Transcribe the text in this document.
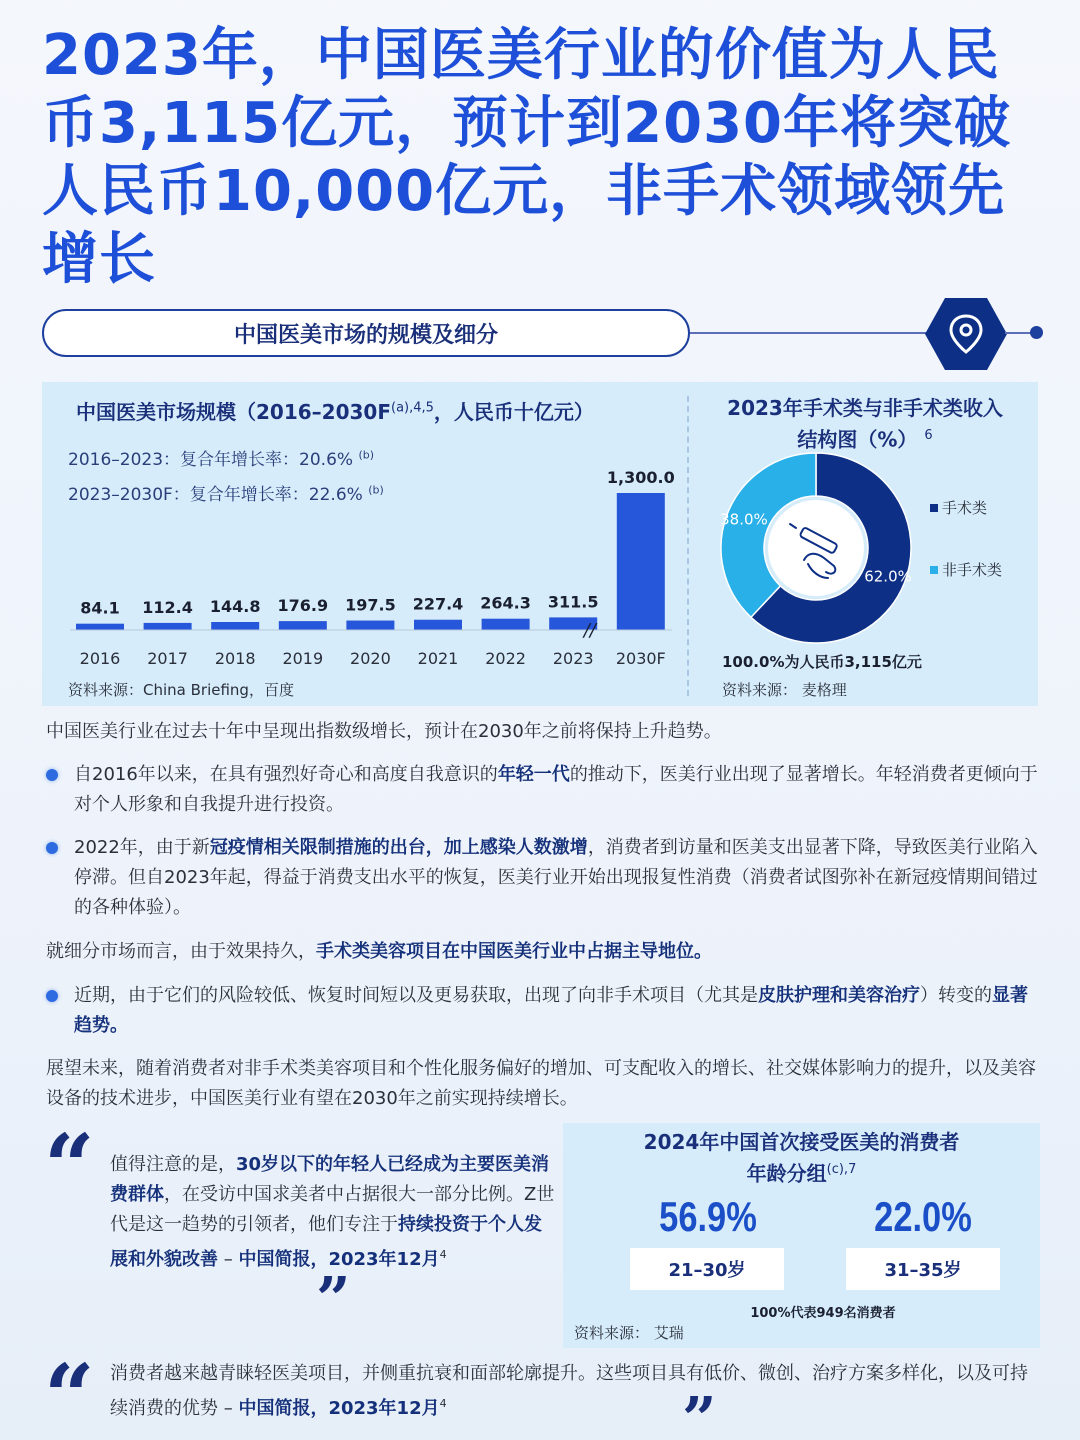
2023年，中国医美行业的价值为人民币3,115亿元，预计到2030年将突破人民币10,000亿元，非手术领域领先增长
中国医美市场的规模及细分
中国医美市场规模（$2016-2030F^{(a),4,5}$，人民币十亿元）
2016–2023：复合年增长率：20.6% $^{(b)}$
2023–2030F：复合年增长率：22.6% $^{(b)}$
84.1
2016
112.4
2017
144.8
2018
176.9
2019
197.5
2020
227.4
2021
264.3
2022
311.5
2023
1,300.0
2030F
//
资料来源：China Briefing，百度
2023年手术类与非手术类收入
结构图（%） $^6$
62.0%
38.0%
手术类
非手术类
100.0%为人民币3,115亿元
资料来源： 麦格理
中国医美行业在过去十年中呈现出指数级增长，预计在2030年之前将保持上升趋势。
自2016年以来，在具有强烈好奇心和高度自我意识的年轻一代的推动下，医美行业出现了显著增长。年轻消费者更倾向于对个人形象和自我提升进行投资。
2022年，由于新冠疫情相关限制措施的出台，加上感染人数激增，消费者到访量和医美支出显著下降，导致医美行业陷入停滞。但自2023年起，得益于消费支出水平的恢复，医美行业开始出现报复性消费（消费者试图弥补在新冠疫情期间错过的各种体验）。
就细分市场而言，由于效果持久，手术类美容项目在中国医美行业中占据主导地位。
近期，由于它们的风险较低、恢复时间短以及更易获取，出现了向非手术项目（尤其是皮肤护理和美容治疗）转变的显著趋势。
展望未来，随着消费者对非手术类美容项目和个性化服务偏好的增加、可支配收入的增长、社交媒体影响力的提升，以及美容设备的技术进步，中国医美行业有望在2030年之前实现持续增长。
“ 值得注意的是，30岁以下的年轻人已经成为主要医美消费群体，在受访中国求美者中占据很大一部分比例。Z世代是这一趋势的引领者，他们专注于持续投资于个人发展和外貌改善 – 中国简报，2023年12月$^4$
”
2024年中国首次接受医美的消费者
年龄分组$^{(c),7}$
56.9%	22.0%
21–30岁	31–35岁
100%代表949名消费者
资料来源： 艾瑞
“ 消费者越来越青睐轻医美项目，并侧重抗衰和面部轮廓提升。这些项目具有低价、微创、治疗方案多样化，以及可持续消费的优势 – 中国简报，2023年12月$^4$	”
